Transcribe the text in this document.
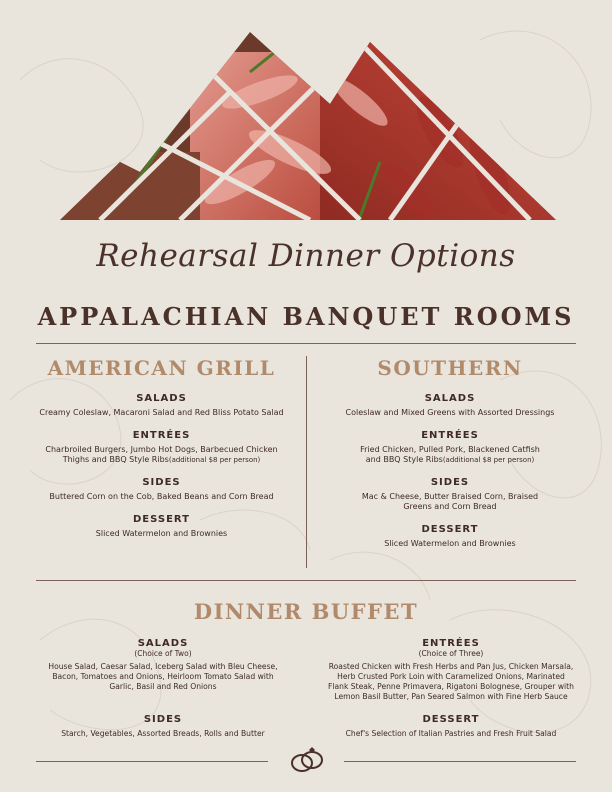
Rehearsal Dinner Options
APPALACHIAN BANQUET ROOMS
AMERICAN GRILL
SALADS
Creamy Coleslaw, Macaroni Salad and Red Bliss Potato Salad
ENTRÉES
Charbroiled Burgers, Jumbo Hot Dogs, Barbecued Chicken
Thighs and BBQ Style Ribs(additional $8 per person)
SIDES
Buttered Corn on the Cob, Baked Beans and Corn Bread
DESSERT
Sliced Watermelon and Brownies
SOUTHERN
SALADS
Coleslaw and Mixed Greens with Assorted Dressings
ENTRÉES
Fried Chicken, Pulled Pork, Blackened Catfish
and BBQ Style Ribs(additional $8 per person)
SIDES
Mac & Cheese, Butter Braised Corn, Braised
Greens and Corn Bread
DESSERT
Sliced Watermelon and Brownies
DINNER BUFFET
SALADS
(Choice of Two)
House Salad, Caesar Salad, Iceberg Salad with Bleu Cheese,
Bacon, Tomatoes and Onions, Heirloom Tomato Salad with
Garlic, Basil and Red Onions
SIDES
Starch, Vegetables, Assorted Breads, Rolls and Butter
ENTRÉES
(Choice of Three)
Roasted Chicken with Fresh Herbs and Pan Jus, Chicken Marsala,
Herb Crusted Pork Loin with Caramelized Onions, Marinated
Flank Steak, Penne Primavera, Rigatoni Bolognese, Grouper with
Lemon Basil Butter, Pan Seared Salmon with Fine Herb Sauce
DESSERT
Chef's Selection of Italian Pastries and Fresh Fruit Salad
